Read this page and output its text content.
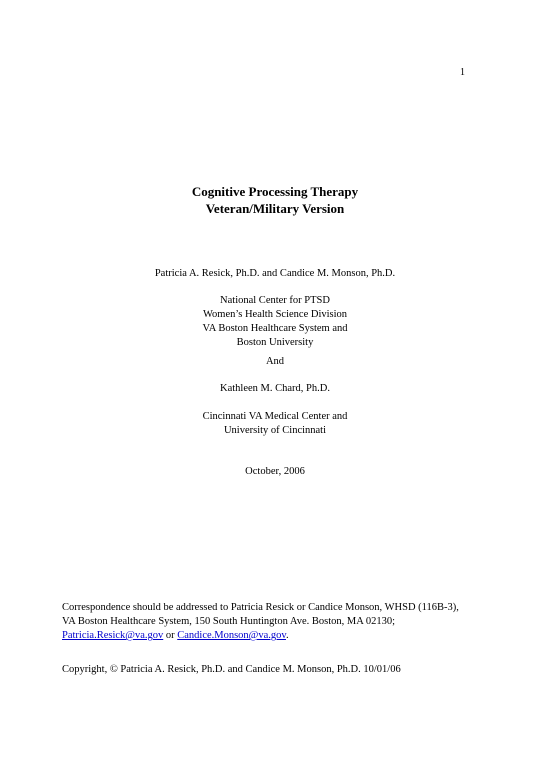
1
Cognitive Processing Therapy
Veteran/Military Version
Patricia A. Resick, Ph.D. and Candice M. Monson, Ph.D.
National Center for PTSD
Women’s Health Science Division
VA Boston Healthcare System and
Boston University
And
Kathleen M. Chard, Ph.D.
Cincinnati VA Medical Center and
University of Cincinnati
October, 2006
Correspondence should be addressed to Patricia Resick or Candice Monson, WHSD (116B-3),
VA Boston Healthcare System, 150 South Huntington Ave. Boston, MA 02130;
Patricia.Resick@va.gov or Candice.Monson@va.gov.
Copyright, © Patricia A. Resick, Ph.D. and Candice M. Monson, Ph.D. 10/01/06
